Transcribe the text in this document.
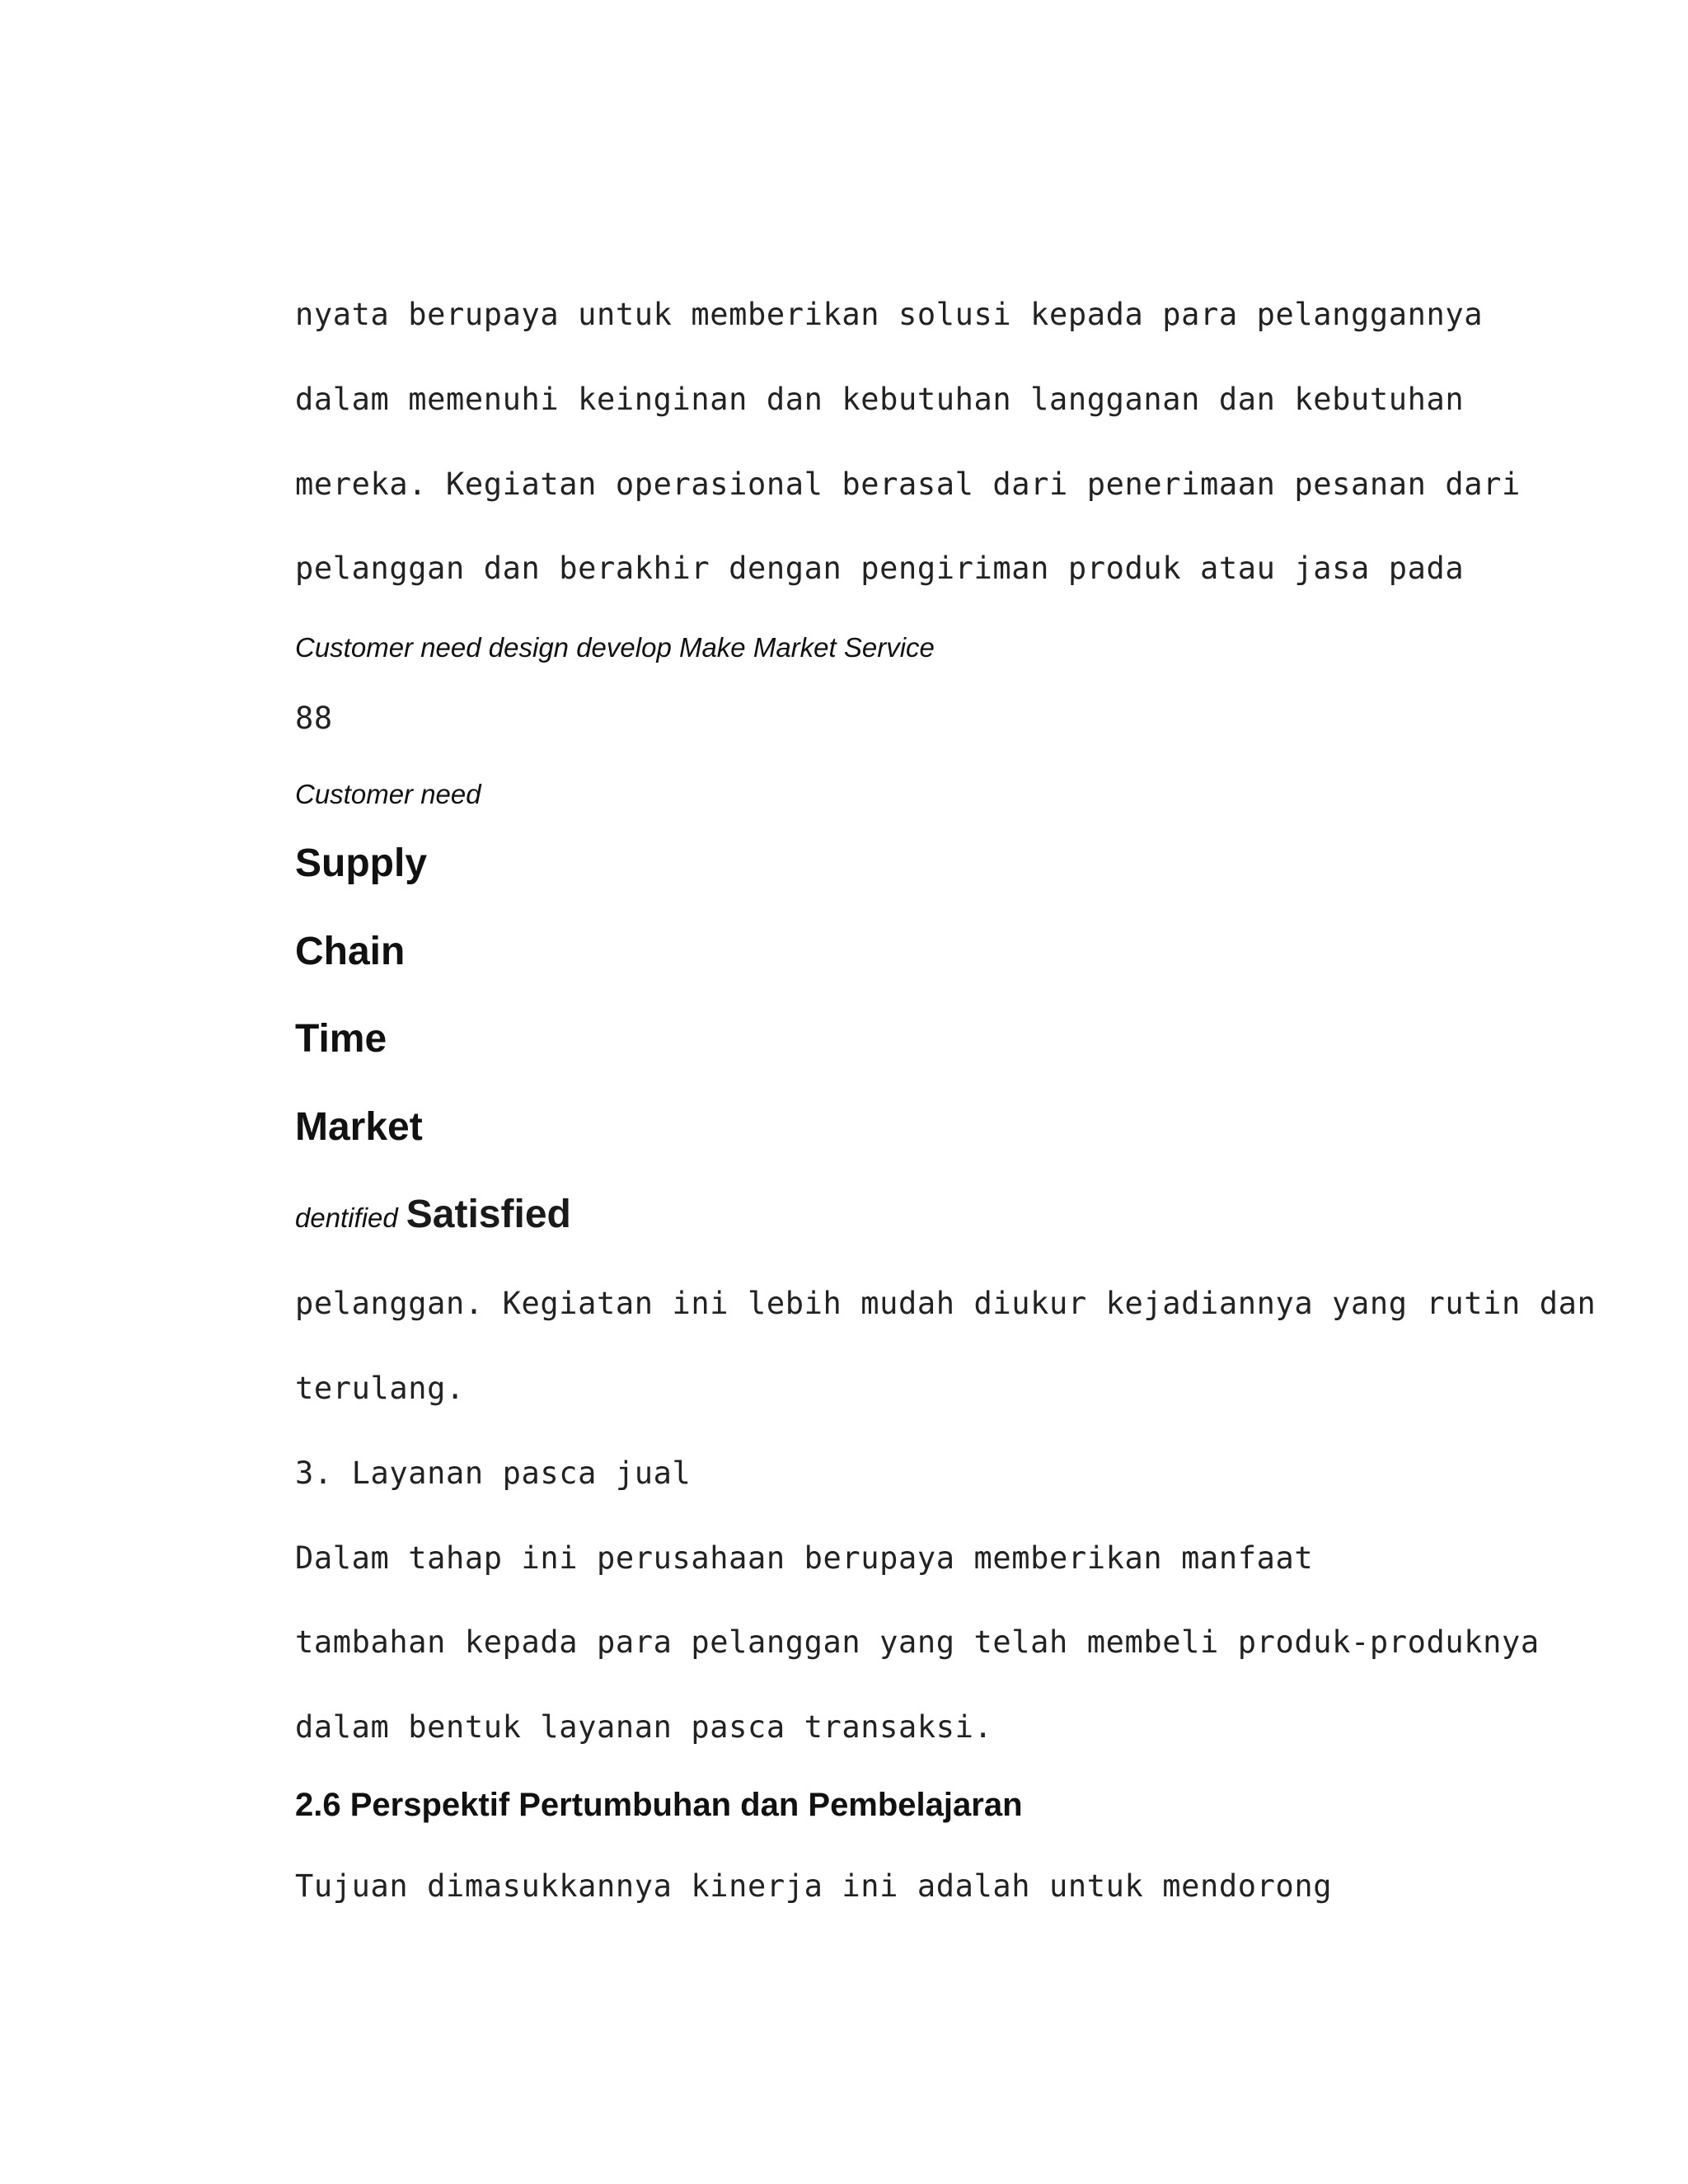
nyata berupaya untuk memberikan solusi kepada para pelanggannya

dalam memenuhi keinginan dan kebutuhan langganan dan kebutuhan

mereka. Kegiatan operasional berasal dari penerimaan pesanan dari

pelanggan dan berakhir dengan pengiriman produk atau jasa pada

Customer need design develop Make Market Service

88

Customer need

Supply

Chain

Time

Market

dentified Satisfied

pelanggan. Kegiatan ini lebih mudah diukur kejadiannya yang rutin dan

terulang.

3. Layanan pasca jual

Dalam tahap ini perusahaan berupaya memberikan manfaat

tambahan kepada para pelanggan yang telah membeli produk-produknya

dalam bentuk layanan pasca transaksi.

2.6 Perspektif Pertumbuhan dan Pembelajaran

Tujuan dimasukkannya kinerja ini adalah untuk mendorong
